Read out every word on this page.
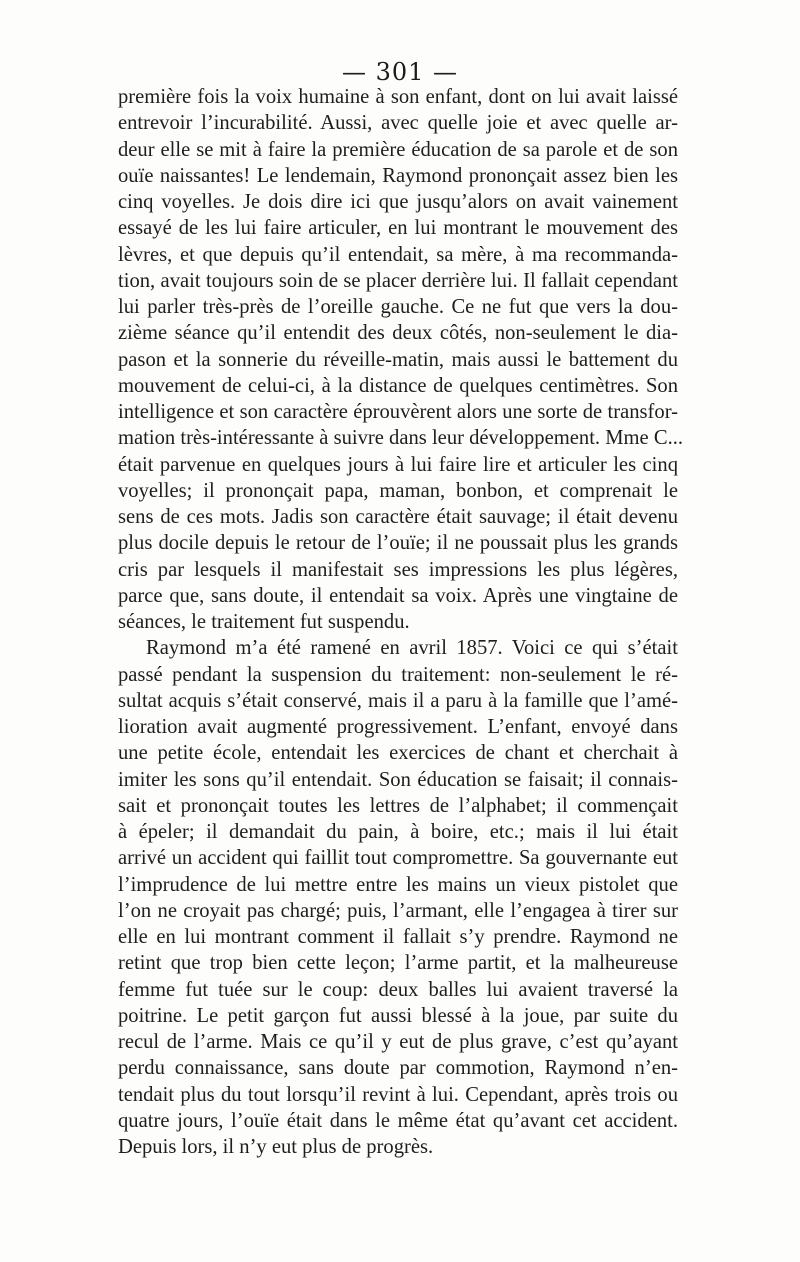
— 301 —
première fois la voix humaine à son enfant, dont on lui avait laissé
entrevoir l’incurabilité. Aussi, avec quelle joie et avec quelle ar-
deur elle se mit à faire la première éducation de sa parole et de son
ouïe naissantes! Le lendemain, Raymond prononçait assez bien les
cinq voyelles. Je dois dire ici que jusqu’alors on avait vainement
essayé de les lui faire articuler, en lui montrant le mouvement des
lèvres, et que depuis qu’il entendait, sa mère, à ma recommanda-
tion, avait toujours soin de se placer derrière lui. Il fallait cependant
lui parler très-près de l’oreille gauche. Ce ne fut que vers la dou-
zième séance qu’il entendit des deux côtés, non-seulement le dia-
pason et la sonnerie du réveille-matin, mais aussi le battement du
mouvement de celui-ci, à la distance de quelques centimètres. Son
intelligence et son caractère éprouvèrent alors une sorte de transfor-
mation très-intéressante à suivre dans leur développement. Mme C...
était parvenue en quelques jours à lui faire lire et articuler les cinq
voyelles; il prononçait papa, maman, bonbon, et comprenait le
sens de ces mots. Jadis son caractère était sauvage; il était devenu
plus docile depuis le retour de l’ouïe; il ne poussait plus les grands
cris par lesquels il manifestait ses impressions les plus légères,
parce que, sans doute, il entendait sa voix. Après une vingtaine de
séances, le traitement fut suspendu.
Raymond m’a été ramené en avril 1857. Voici ce qui s’était
passé pendant la suspension du traitement: non-seulement le ré-
sultat acquis s’était conservé, mais il a paru à la famille que l’amé-
lioration avait augmenté progressivement. L’enfant, envoyé dans
une petite école, entendait les exercices de chant et cherchait à
imiter les sons qu’il entendait. Son éducation se faisait; il connais-
sait et prononçait toutes les lettres de l’alphabet; il commençait
à épeler; il demandait du pain, à boire, etc.; mais il lui était
arrivé un accident qui faillit tout compromettre. Sa gouvernante eut
l’imprudence de lui mettre entre les mains un vieux pistolet que
l’on ne croyait pas chargé; puis, l’armant, elle l’engagea à tirer sur
elle en lui montrant comment il fallait s’y prendre. Raymond ne
retint que trop bien cette leçon; l’arme partit, et la malheureuse
femme fut tuée sur le coup: deux balles lui avaient traversé la
poitrine. Le petit garçon fut aussi blessé à la joue, par suite du
recul de l’arme. Mais ce qu’il y eut de plus grave, c’est qu’ayant
perdu connaissance, sans doute par commotion, Raymond n’en-
tendait plus du tout lorsqu’il revint à lui. Cependant, après trois ou
quatre jours, l’ouïe était dans le même état qu’avant cet accident.
Depuis lors, il n’y eut plus de progrès.
